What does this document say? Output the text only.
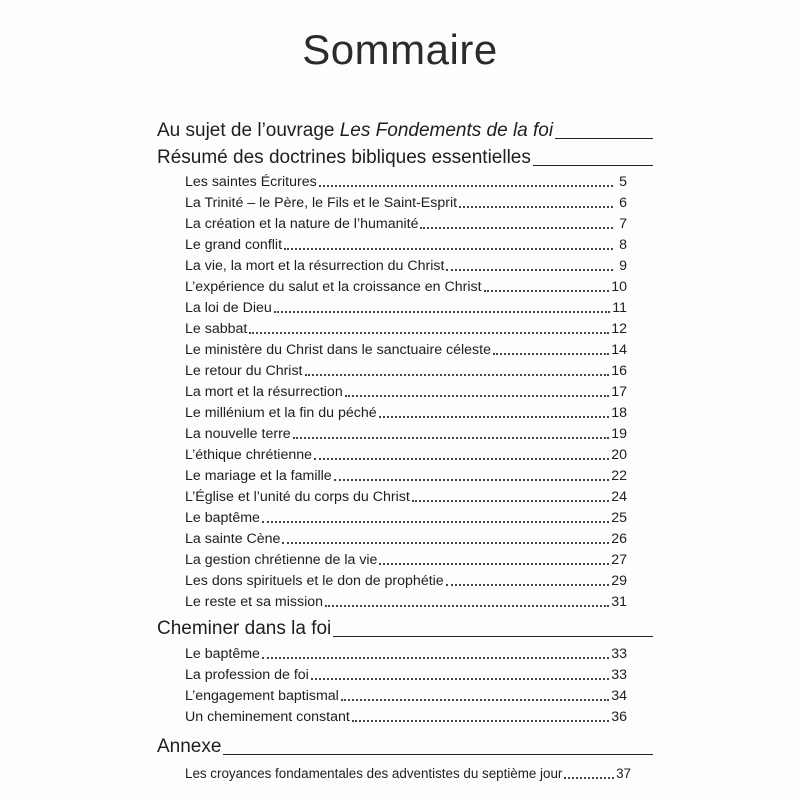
Sommaire
Au sujet de l’ouvrage Les Fondements de la foi
Résumé des doctrines bibliques essentielles
Les saintes Écritures	5
La Trinité – le Père, le Fils et le Saint-Esprit	6
La création et la nature de l’humanité	7
Le grand conflit	8
La vie, la mort et la résurrection du Christ	9
L’expérience du salut et la croissance en Christ	10
La loi de Dieu	11
Le sabbat	12
Le ministère du Christ dans le sanctuaire céleste	14
Le retour du Christ	16
La mort et la résurrection	17
Le millénium et la fin du péché	18
La nouvelle terre	19
L’éthique chrétienne	20
Le mariage et la famille	22
L’Église et l’unité du corps du Christ	24
Le baptême	25
La sainte Cène	26
La gestion chrétienne de la vie	27
Les dons spirituels et le don de prophétie	29
Le reste et sa mission	31
Cheminer dans la foi
Le baptême	33
La profession de foi	33
L’engagement baptismal	34
Un cheminement constant	36
Annexe
Les croyances fondamentales des adventistes du septième jour	37
